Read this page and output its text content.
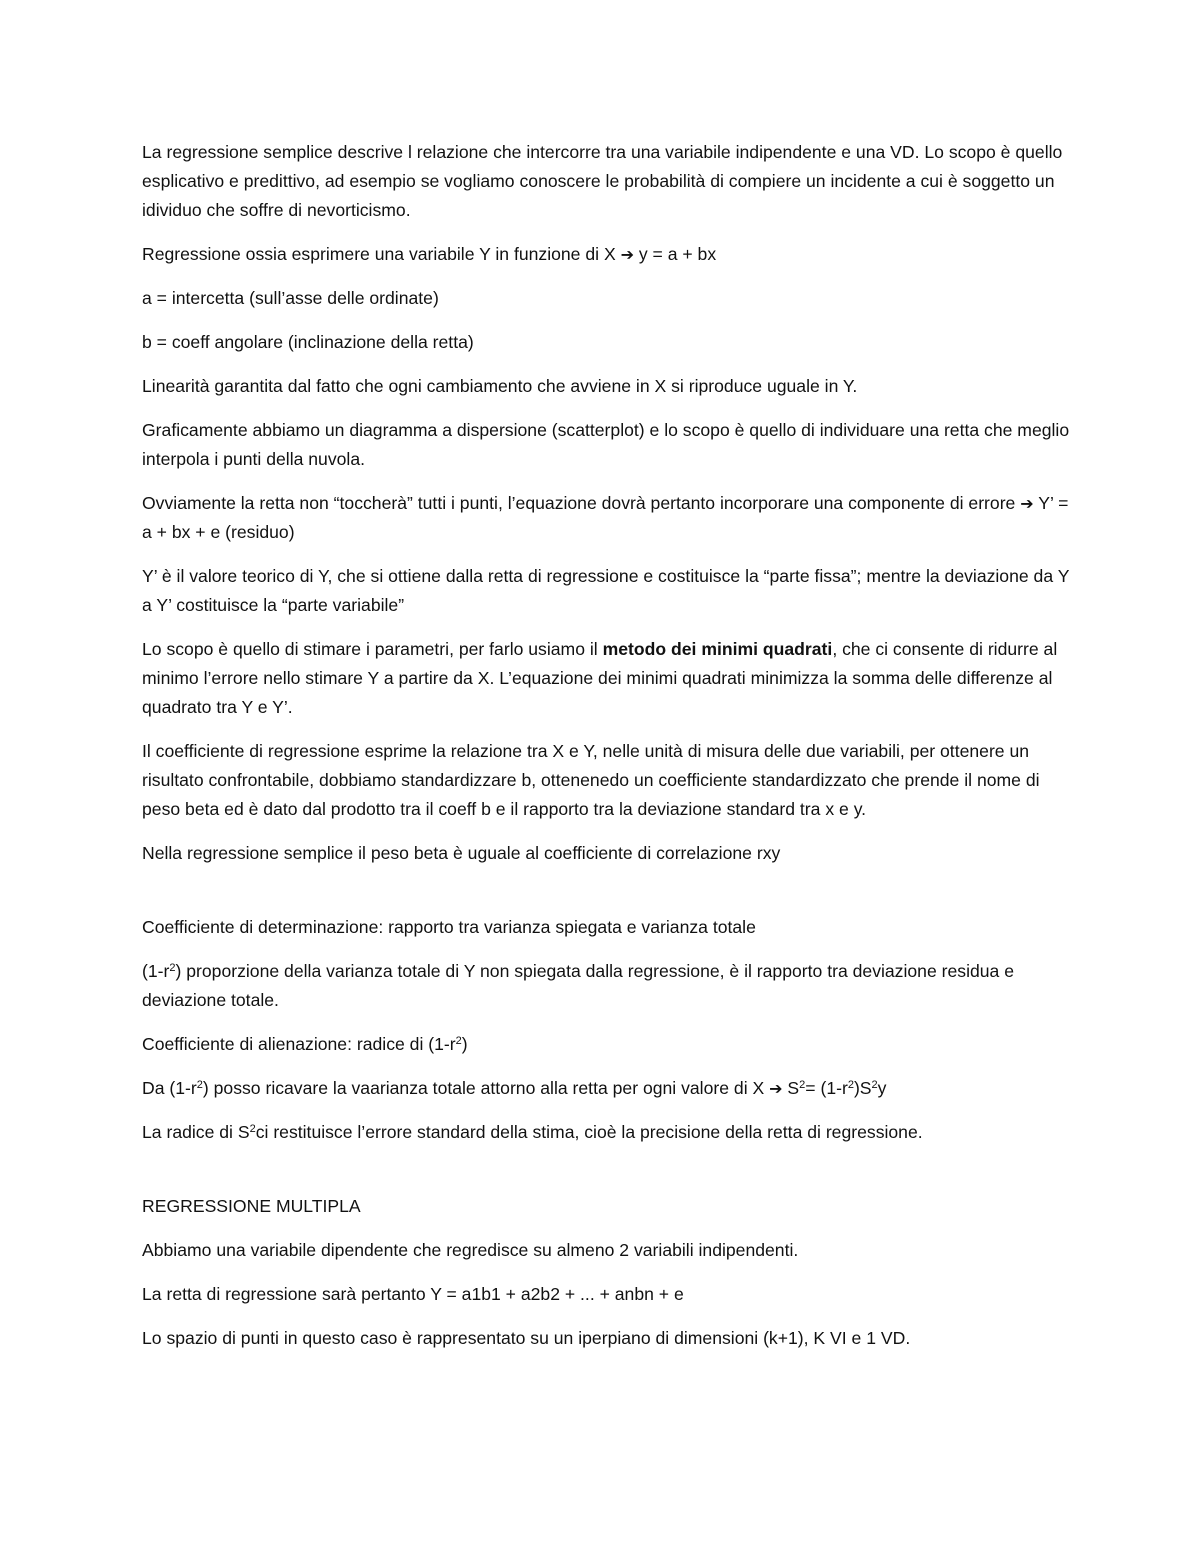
La regressione semplice descrive l relazione che intercorre tra una variabile indipendente e una VD. Lo scopo è quello esplicativo e predittivo, ad esempio se vogliamo conoscere le probabilità di compiere un incidente a cui è soggetto un idividuo che soffre di nevorticismo.

Regressione ossia esprimere una variabile Y in funzione di X ➔ y = a + bx

a = intercetta (sull’asse delle ordinate)

b = coeff angolare (inclinazione della retta)

Linearità garantita dal fatto che ogni cambiamento che avviene in X si riproduce uguale in Y.

Graficamente abbiamo un diagramma a dispersione (scatterplot) e lo scopo è quello di individuare una retta che meglio interpola i punti della nuvola.

Ovviamente la retta non “toccherà” tutti i punti, l’equazione dovrà pertanto incorporare una componente di errore ➔ Y’ = a + bx + e (residuo)

Y’ è il valore teorico di Y, che si ottiene dalla retta di regressione e costituisce la “parte fissa”; mentre la deviazione da Y a Y’ costituisce la “parte variabile”

Lo scopo è quello di stimare i parametri, per farlo usiamo il metodo dei minimi quadrati, che ci consente di ridurre al minimo l’errore nello stimare Y a partire da X. L’equazione dei minimi quadrati minimizza la somma delle differenze al quadrato tra Y e Y’.

Il coefficiente di regressione esprime la relazione tra X e Y, nelle unità di misura delle due variabili, per ottenere un risultato confrontabile, dobbiamo standardizzare b, ottenenedo un coefficiente standardizzato che prende il nome di peso beta ed è dato dal prodotto tra il coeff b e il rapporto tra la deviazione standard tra x e y.

Nella regressione semplice il peso beta è uguale al coefficiente di correlazione rxy

Coefficiente di determinazione: rapporto tra varianza spiegata e varianza totale

$(1-r^2)$ proporzione della varianza totale di Y non spiegata dalla regressione, è il rapporto tra deviazione residua e deviazione totale.

Coefficiente di alienazione: radice di $(1-r^2)$

Da $(1-r^2)$ posso ricavare la vaarianza totale attorno alla retta per ogni valore di X ➔ $S^2= (1-r^2)S^2y$

La radice di $S^2ci$ restituisce l’errore standard della stima, cioè la precisione della retta di regressione.

REGRESSIONE MULTIPLA

Abbiamo una variabile dipendente che regredisce su almeno 2 variabili indipendenti.

La retta di regressione sarà pertanto Y = a1b1 + a2b2 + ... + anbn + e

Lo spazio di punti in questo caso è rappresentato su un iperpiano di dimensioni (k+1), K VI e 1 VD.
